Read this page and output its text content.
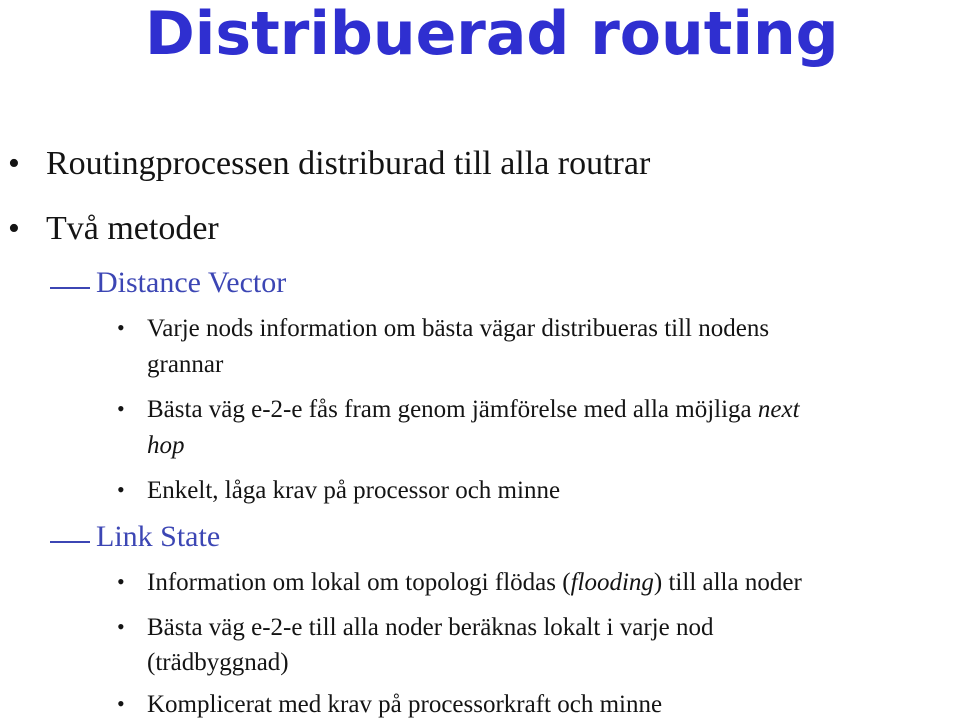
Distribuerad routing
• Routingprocessen distriburad till alla routrar
• Två metoder
Distance Vector
• Varje nods information om bästa vägar distribueras till nodens
grannar
• Bästa väg e-2-e fås fram genom jämförelse med alla möjliga next
hop
• Enkelt, låga krav på processor och minne
Link State
• Information om lokal om topologi flödas (flooding) till alla noder
• Bästa väg e-2-e till alla noder beräknas lokalt i varje nod
(trädbyggnad)
• Komplicerat med krav på processorkraft och minne
